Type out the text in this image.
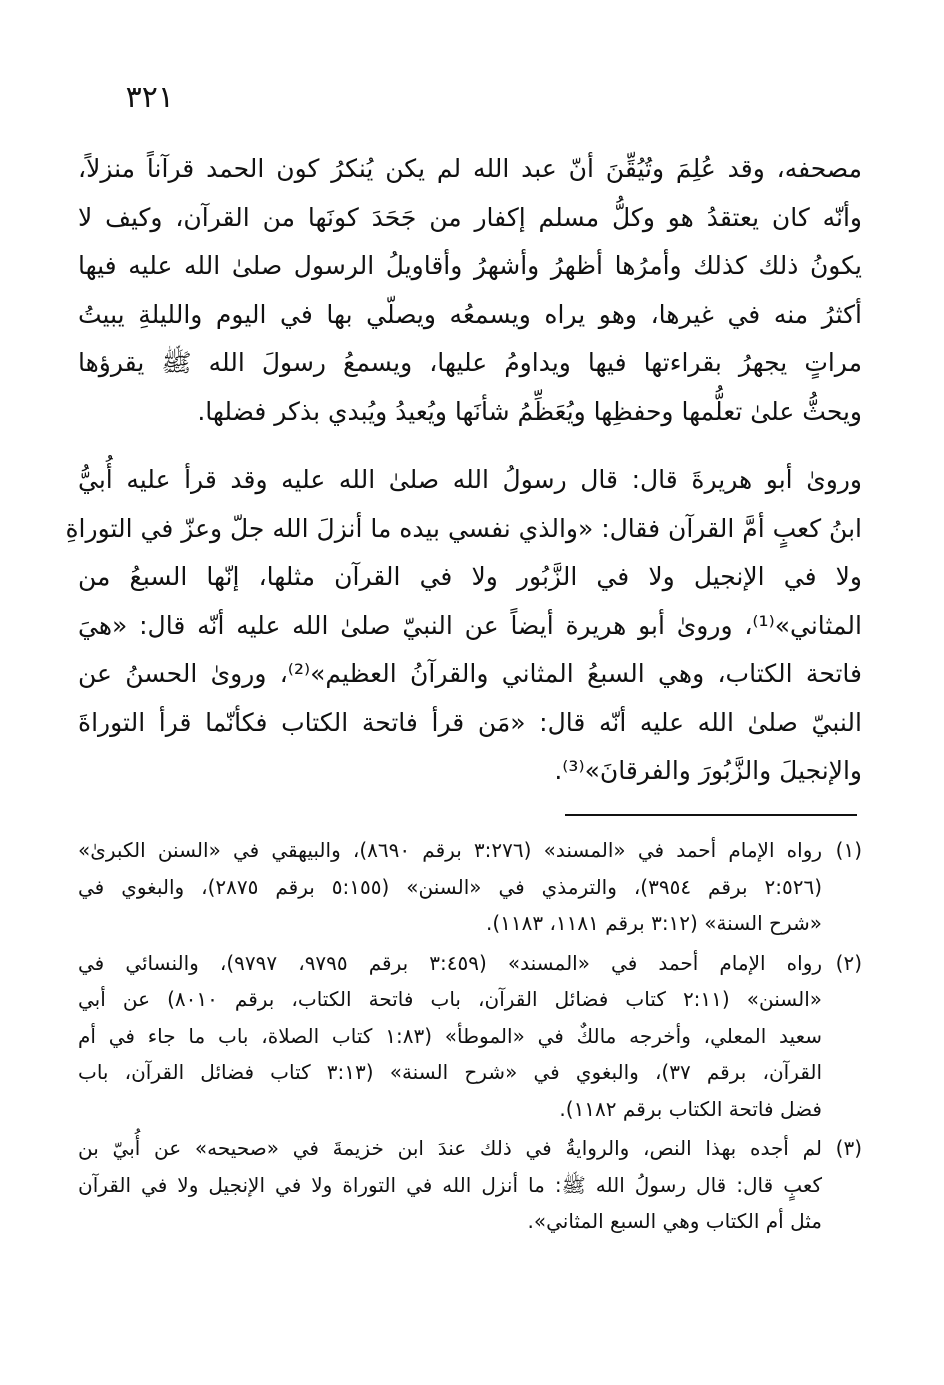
٣٢١
مصحفه، وقد عُلِمَ وتُيُقِّنَ أنّ عبد الله لم يكن يُنكرُ كون الحمد قرآناً منزلاً،
وأنّه كان يعتقدُ هو وكلُّ مسلم إكفار من جَحَدَ كونَها من القرآن، وكيف لا
يكونُ ذلك كذلك وأمرُها أظهرُ وأشهرُ وأقاويلُ الرسول صلىٰ الله عليه فيها
أكثرُ منه في غيرها، وهو يراه ويسمعُه ويصلّي بها في اليوم والليلةِ يبيتُ
مراتٍ يجهرُ بقراءتها فيها ويداومُ عليها، ويسمعُ رسولَ الله ﷺ يقرؤها
ويحثُّ علىٰ تعلُّمها وحفظِها ويُعَظِّمُ شأنَها ويُعيدُ ويُبدي بذكر فضلها.
وروىٰ أبو هريرةَ قال: قال رسولُ الله صلىٰ الله عليه وقد قرأ عليه أُبيُّ
ابنُ كعبٍ أمَّ القرآن فقال: «والذي نفسي بيده ما أنزلَ الله جلّ وعزّ في التوراةِ
ولا في الإنجيل ولا في الزَّبُور ولا في القرآن مثلها، إنّها السبعُ من
المثاني»⁽¹⁾، وروىٰ أبو هريرة أيضاً عن النبيّ صلىٰ الله عليه أنّه قال: «هيَ
فاتحة الكتاب، وهي السبعُ المثاني والقرآنُ العظيم»⁽²⁾، وروىٰ الحسنُ عن
النبيّ صلىٰ الله عليه أنّه قال: «مَن قرأ فاتحة الكتاب فكأنّما قرأ التوراةَ
والإنجيلَ والزَّبُورَ والفرقانَ»⁽³⁾.
(١)
رواه الإمام أحمد في «المسند» (٣:٢٧٦ برقم ٨٦٩٠)، والبيهقي في «السنن الكبرىٰ»
(٢:٥٢٦ برقم ٣٩٥٤)، والترمذي في «السنن» (٥:١٥٥ برقم ٢٨٧٥)، والبغوي في
«شرح السنة» (٣:١٢ برقم ١١٨١، ١١٨٣).
(٢)
رواه الإمام أحمد في «المسند» (٣:٤٥٩ برقم ٩٧٩٥، ٩٧٩٧)، والنسائي في
«السنن» (٢:١١ كتاب فضائل القرآن، باب فاتحة الكتاب، برقم ٨٠١٠) عن أبي
سعيد المعلي، وأخرجه مالكٌ في «الموطأ» (١:٨٣ كتاب الصلاة، باب ما جاء في أم
القرآن، برقم ٣٧)، والبغوي في «شرح السنة» (٣:١٣ كتاب فضائل القرآن، باب
فضل فاتحة الكتاب برقم ١١٨٢).
(٣)
لم أجده بهذا النص، والروايةُ في ذلك عندَ ابن خزيمةَ في «صحيحه» عن أُبيّ بن
كعبٍ قال: قال رسولُ الله ﷺ: ما أنزل الله في التوراة ولا في الإنجيل ولا في القرآن
مثل أم الكتاب وهي السبع المثاني».
